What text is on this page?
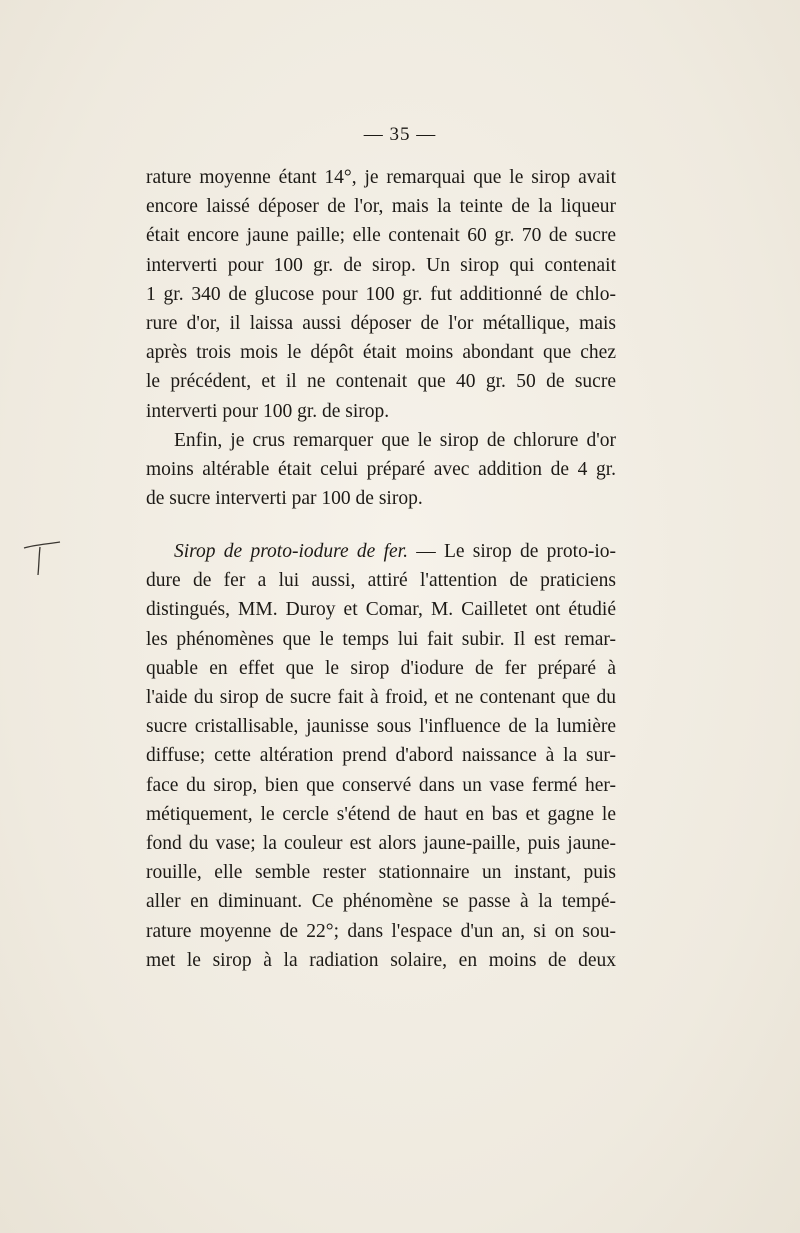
— 35 —
rature moyenne étant 14°, je remarquai que le sirop avait
encore laissé déposer de l'or, mais la teinte de la liqueur
était encore jaune paille; elle contenait 60 gr. 70 de sucre
interverti pour 100 gr. de sirop. Un sirop qui contenait
1 gr. 340 de glucose pour 100 gr. fut additionné de chlo-
rure d'or, il laissa aussi déposer de l'or métallique, mais
après trois mois le dépôt était moins abondant que chez
le précédent, et il ne contenait que 40 gr. 50 de sucre
interverti pour 100 gr. de sirop.
Enfin, je crus remarquer que le sirop de chlorure d'or
moins altérable était celui préparé avec addition de 4 gr.
de sucre interverti par 100 de sirop.
Sirop de proto-iodure de fer. — Le sirop de proto-io-
dure de fer a lui aussi, attiré l'attention de praticiens
distingués, MM. Duroy et Comar, M. Cailletet ont étudié
les phénomènes que le temps lui fait subir. Il est remar-
quable en effet que le sirop d'iodure de fer préparé à
l'aide du sirop de sucre fait à froid, et ne contenant que du
sucre cristallisable, jaunisse sous l'influence de la lumière
diffuse; cette altération prend d'abord naissance à la sur-
face du sirop, bien que conservé dans un vase fermé her-
métiquement, le cercle s'étend de haut en bas et gagne le
fond du vase; la couleur est alors jaune-paille, puis jaune-
rouille, elle semble rester stationnaire un instant, puis
aller en diminuant. Ce phénomène se passe à la tempé-
rature moyenne de 22°; dans l'espace d'un an, si on sou-
met le sirop à la radiation solaire, en moins de deux
